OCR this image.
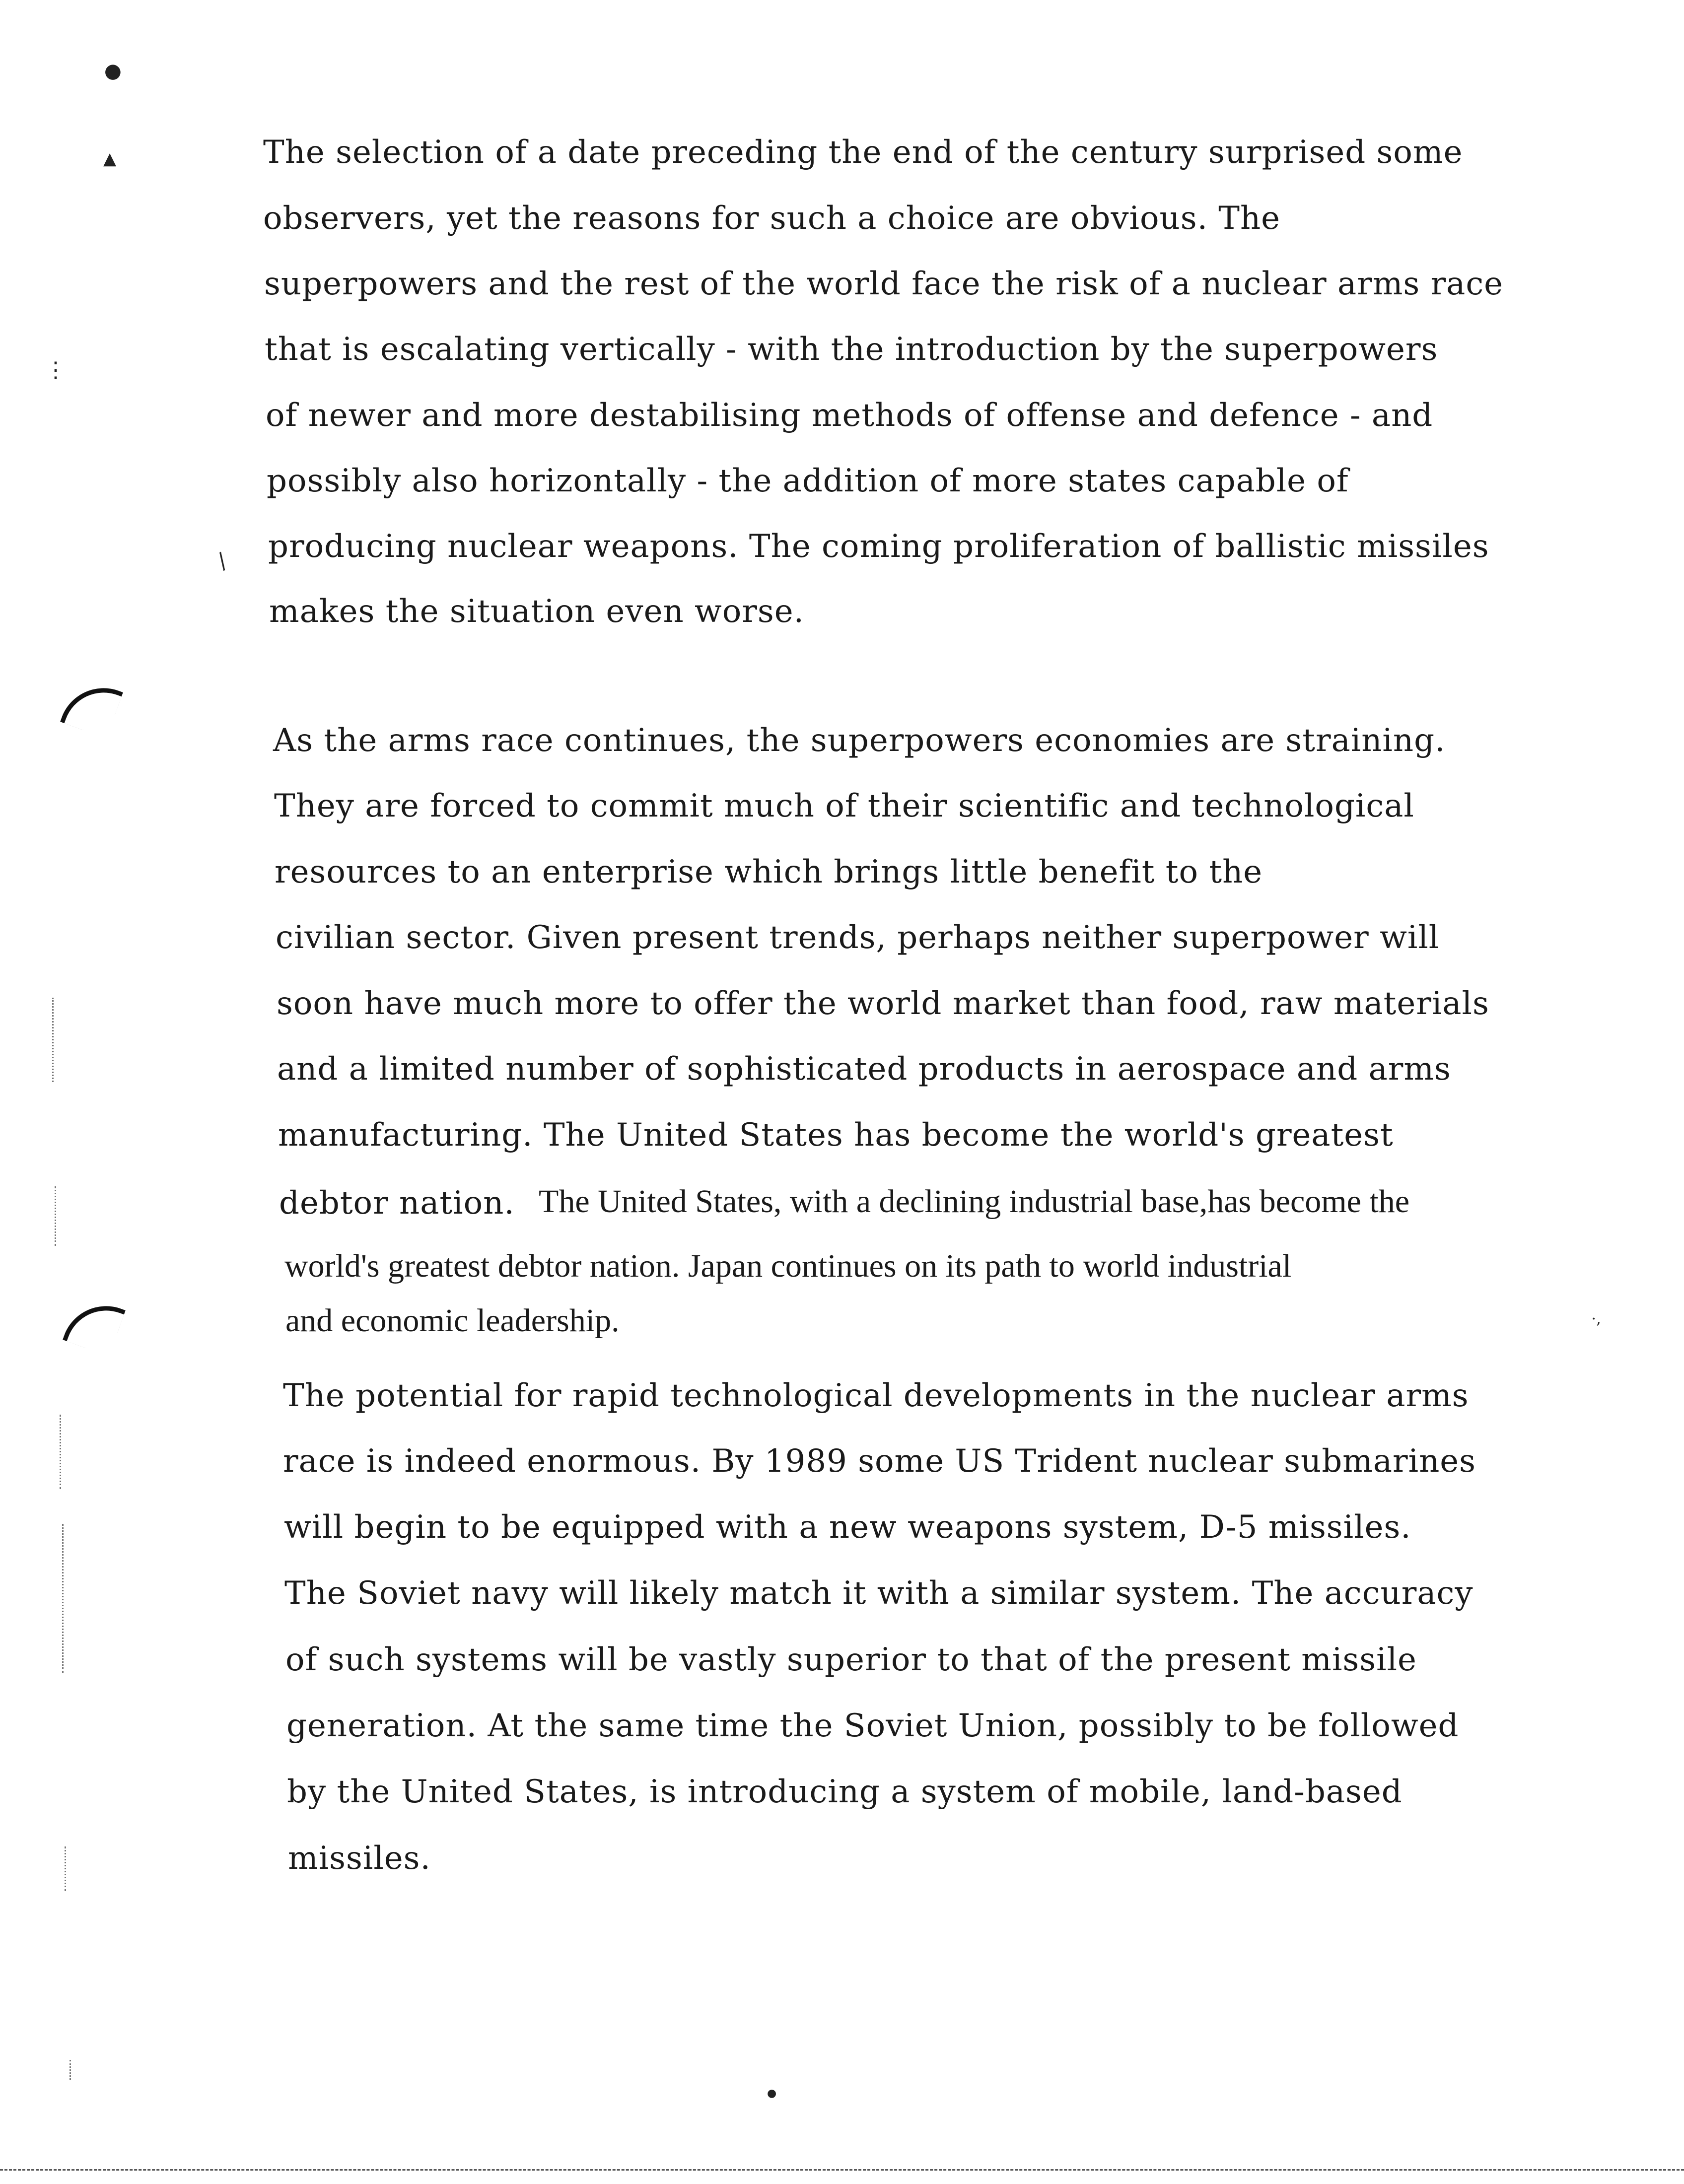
●
▲
⋮
/
⋅,
●
The selection of a date preceding the end of the century surprised some
observers, yet the reasons for such a choice are obvious. The
superpowers and the rest of the world face the risk of a nuclear arms race
that is escalating vertically - with the introduction by the superpowers
of newer and more destabilising methods of offense and defence - and
possibly also horizontally - the addition of more states capable of
producing nuclear weapons. The coming proliferation of ballistic missiles
makes the situation even worse.
As the arms race continues, the superpowers economies are straining.
They are forced to commit much of their scientific and technological
resources to an enterprise which brings little benefit to the
civilian sector. Given present trends, perhaps neither superpower will
soon have much more to offer the world market than food, raw materials
and a limited number of sophisticated products in aerospace and arms
manufacturing. The United States has become the world's greatest
debtor nation. The United States, with a declining industrial base,has become the
world's greatest debtor nation. Japan continues on its path to world industrial
and economic leadership.
The potential for rapid technological developments in the nuclear arms
race is indeed enormous. By 1989 some US Trident nuclear submarines
will begin to be equipped with a new weapons system, D-5 missiles.
The Soviet navy will likely match it with a similar system. The accuracy
of such systems will be vastly superior to that of the present missile
generation. At the same time the Soviet Union, possibly to be followed
by the United States, is introducing a system of mobile, land-based
missiles.
